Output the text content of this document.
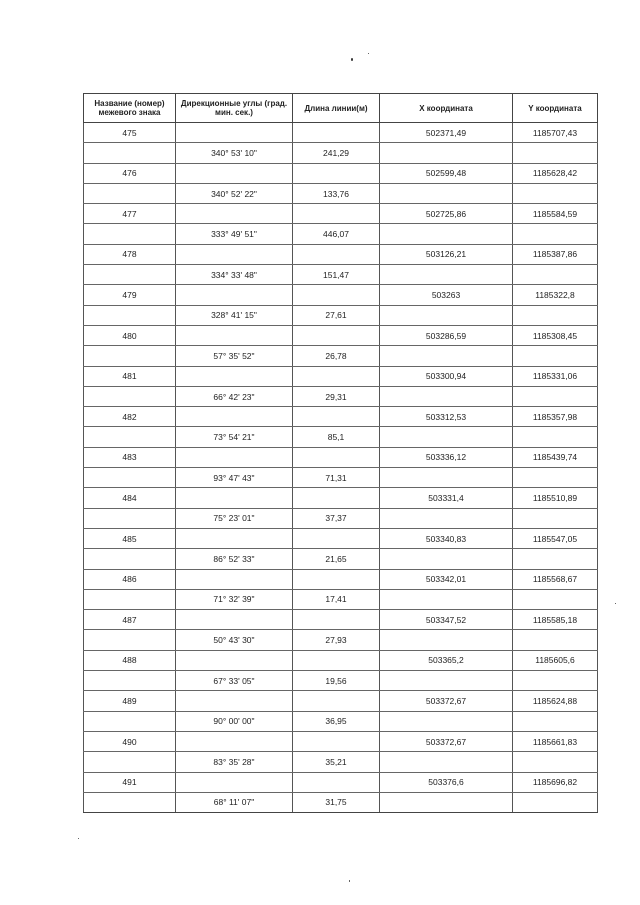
Название (номер) межевого знака	Дирекционные углы (град. мин. сек.)	Длина линии(м)	X координата	Y координата
475			502371,49	1185707,43
	340° 53' 10"	241,29		
476			502599,48	1185628,42
	340° 52' 22"	133,76		
477			502725,86	1185584,59
	333° 49' 51"	446,07		
478			503126,21	1185387,86
	334° 33' 48"	151,47		
479			503263	1185322,8
	328° 41' 15"	27,61		
480			503286,59	1185308,45
	57° 35' 52"	26,78		
481			503300,94	1185331,06
	66° 42' 23"	29,31		
482			503312,53	1185357,98
	73° 54' 21"	85,1		
483			503336,12	1185439,74
	93° 47' 43"	71,31		
484			503331,4	1185510,89
	75° 23' 01"	37,37		
485			503340,83	1185547,05
	86° 52' 33"	21,65		
486			503342,01	1185568,67
	71° 32' 39"	17,41		
487			503347,52	1185585,18
	50° 43' 30"	27,93		
488			503365,2	1185605,6
	67° 33' 05"	19,56		
489			503372,67	1185624,88
	90° 00' 00"	36,95		
490			503372,67	1185661,83
	83° 35' 28"	35,21		
491			503376,6	1185696,82
	68° 11' 07"	31,75		
